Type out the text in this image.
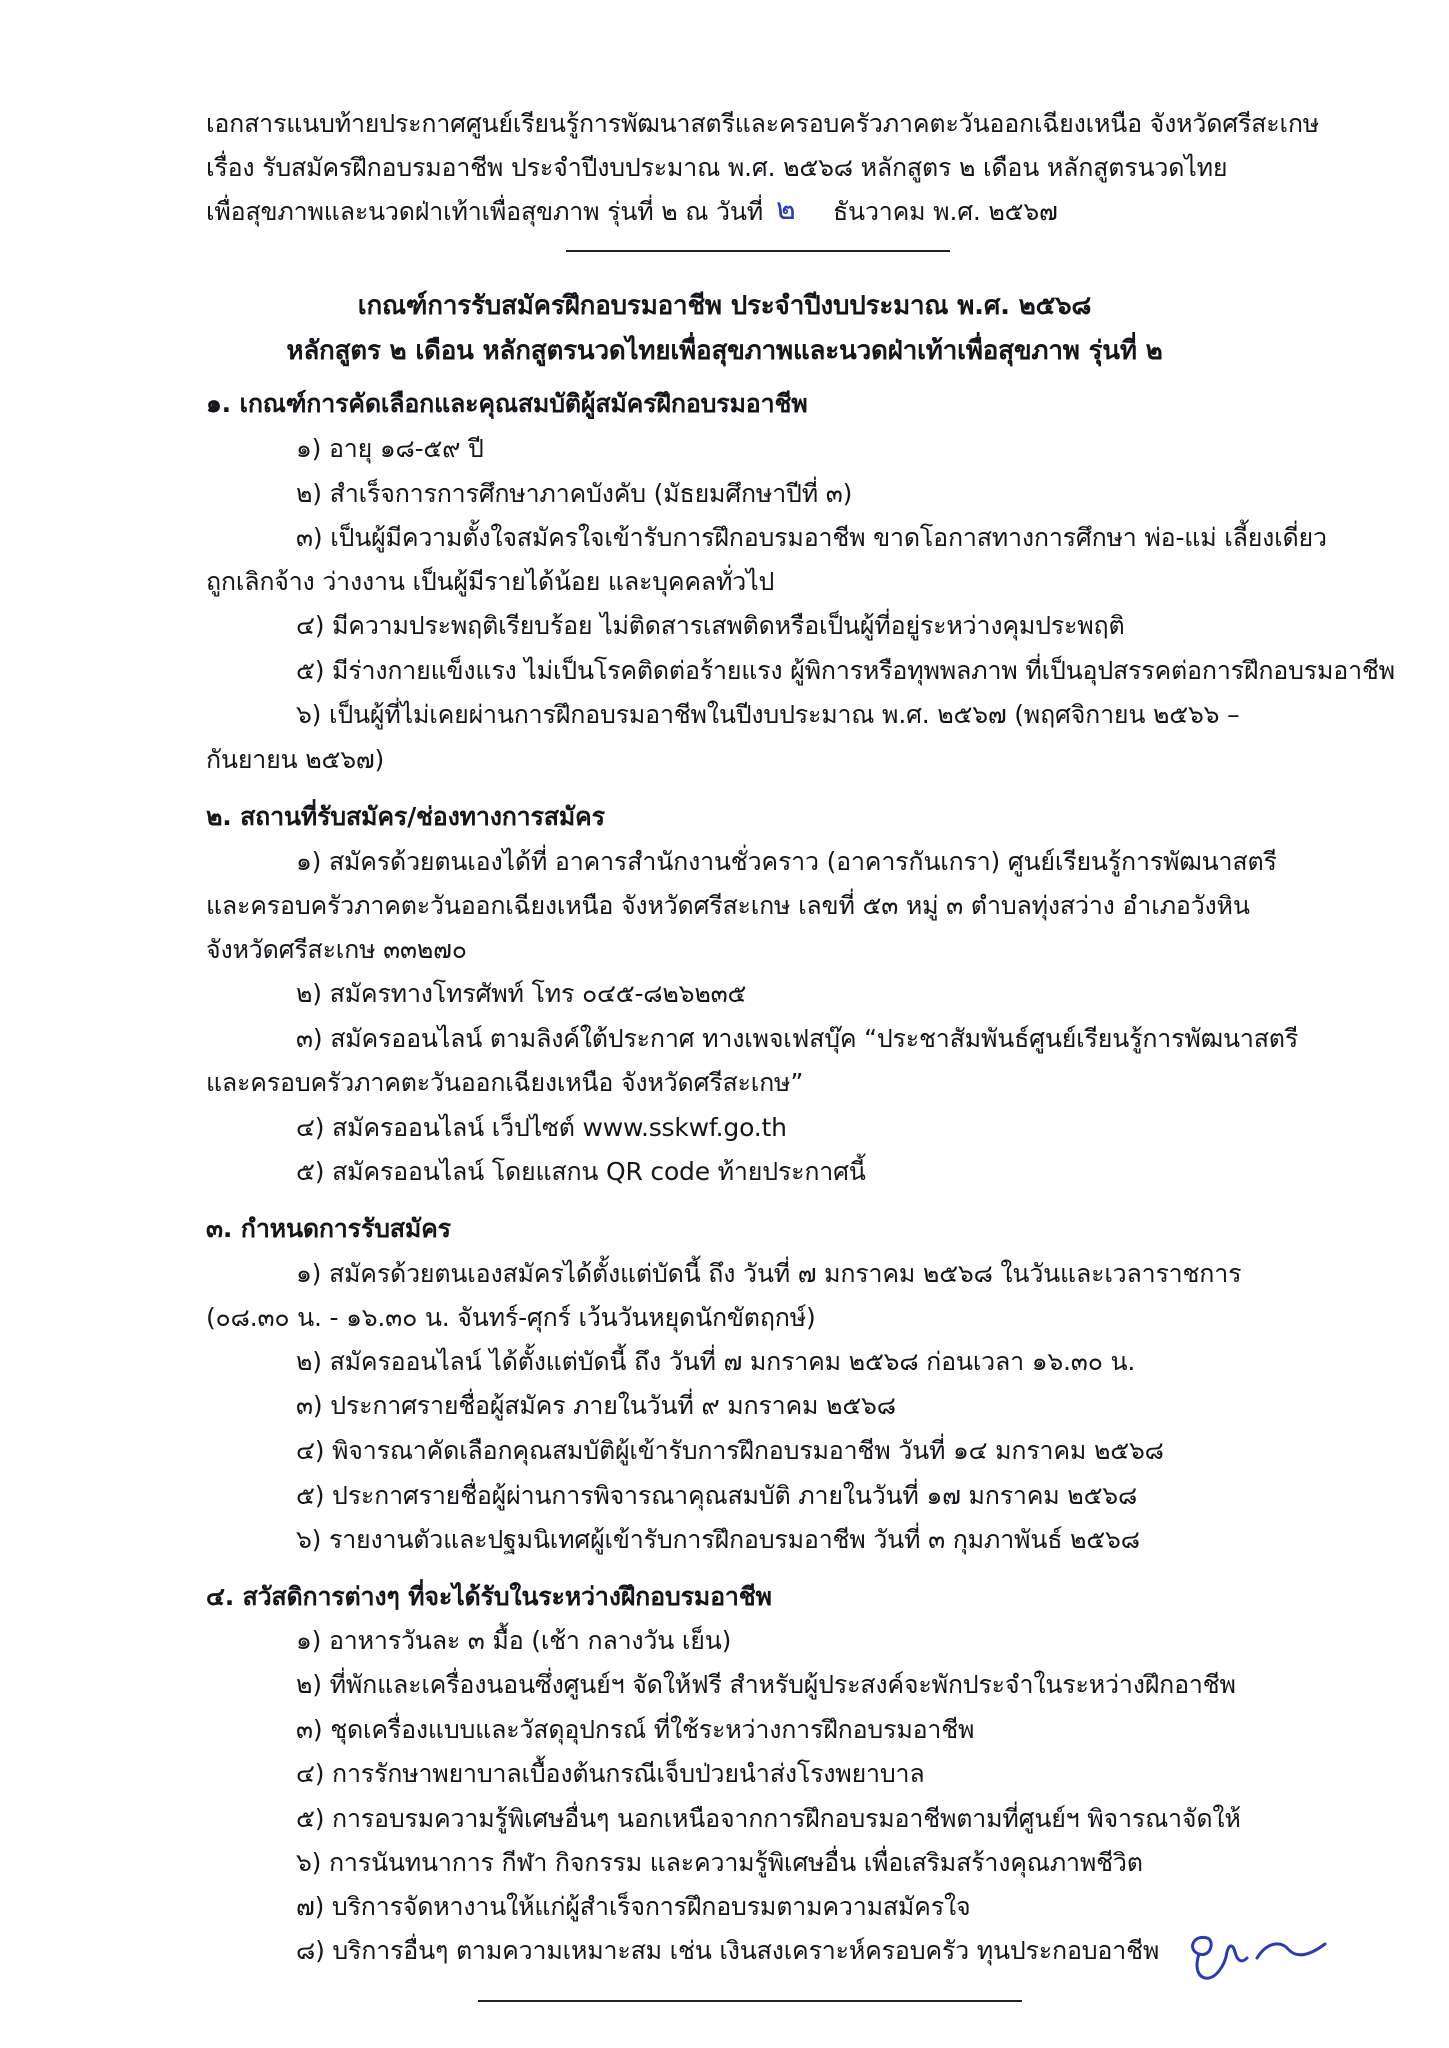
เอกสารแนบท้ายประกาศศูนย์เรียนรู้การพัฒนาสตรีและครอบครัวภาคตะวันออกเฉียงเหนือ จังหวัดศรีสะเกษ

เรื่อง รับสมัครฝึกอบรมอาชีพ ประจำปีงบประมาณ พ.ศ. ๒๕๖๘ หลักสูตร ๒ เดือน หลักสูตรนวดไทย

เพื่อสุขภาพและนวดฝ่าเท้าเพื่อสุขภาพ รุ่นที่ ๒ ณ วันที่ ๒ ธันวาคม พ.ศ. ๒๕๖๗

เกณฑ์การรับสมัครฝึกอบรมอาชีพ ประจำปีงบประมาณ พ.ศ. ๒๕๖๘

หลักสูตร ๒ เดือน หลักสูตรนวดไทยเพื่อสุขภาพและนวดฝ่าเท้าเพื่อสุขภาพ รุ่นที่ ๒

๑. เกณฑ์การคัดเลือกและคุณสมบัติผู้สมัครฝึกอบรมอาชีพ

๑) อายุ ๑๘-๕๙ ปี

๒) สำเร็จการการศึกษาภาคบังคับ (มัธยมศึกษาปีที่ ๓)

๓) เป็นผู้มีความตั้งใจสมัครใจเข้ารับการฝึกอบรมอาชีพ ขาดโอกาสทางการศึกษา พ่อ-แม่ เลี้ยงเดี่ยว

ถูกเลิกจ้าง ว่างงาน เป็นผู้มีรายได้น้อย และบุคคลทั่วไป

๔) มีความประพฤติเรียบร้อย ไม่ติดสารเสพติดหรือเป็นผู้ที่อยู่ระหว่างคุมประพฤติ

๕) มีร่างกายแข็งแรง ไม่เป็นโรคติดต่อร้ายแรง ผู้พิการหรือทุพพลภาพ ที่เป็นอุปสรรคต่อการฝึกอบรมอาชีพ

๖) เป็นผู้ที่ไม่เคยผ่านการฝึกอบรมอาชีพในปีงบประมาณ พ.ศ. ๒๕๖๗ (พฤศจิกายน ๒๕๖๖ –

กันยายน ๒๕๖๗)

๒. สถานที่รับสมัคร/ช่องทางการสมัคร

๑) สมัครด้วยตนเองได้ที่ อาคารสำนักงานชั่วคราว (อาคารกันเกรา) ศูนย์เรียนรู้การพัฒนาสตรี

และครอบครัวภาคตะวันออกเฉียงเหนือ จังหวัดศรีสะเกษ เลขที่ ๕๓ หมู่ ๓ ตำบลทุ่งสว่าง อำเภอวังหิน

จังหวัดศรีสะเกษ ๓๓๒๗๐

๒) สมัครทางโทรศัพท์ โทร ๐๔๕-๘๒๖๒๓๕

๓) สมัครออนไลน์ ตามลิงค์ใต้ประกาศ ทางเพจเฟสบุ๊ค “ประชาสัมพันธ์ศูนย์เรียนรู้การพัฒนาสตรี

และครอบครัวภาคตะวันออกเฉียงเหนือ จังหวัดศรีสะเกษ”

๔) สมัครออนไลน์ เว็ปไซต์ www.sskwf.go.th

๕) สมัครออนไลน์ โดยแสกน QR code ท้ายประกาศนี้

๓. กำหนดการรับสมัคร

๑) สมัครด้วยตนเองสมัครได้ตั้งแต่บัดนี้ ถึง วันที่ ๗ มกราคม ๒๕๖๘ ในวันและเวลาราชการ

(๐๘.๓๐ น. - ๑๖.๓๐ น. จันทร์-ศุกร์ เว้นวันหยุดนักขัตฤกษ์)

๒) สมัครออนไลน์ ได้ตั้งแต่บัดนี้ ถึง วันที่ ๗ มกราคม ๒๕๖๘ ก่อนเวลา ๑๖.๓๐ น.

๓) ประกาศรายชื่อผู้สมัคร ภายในวันที่ ๙ มกราคม ๒๕๖๘

๔) พิจารณาคัดเลือกคุณสมบัติผู้เข้ารับการฝึกอบรมอาชีพ วันที่ ๑๔ มกราคม ๒๕๖๘

๕) ประกาศรายชื่อผู้ผ่านการพิจารณาคุณสมบัติ ภายในวันที่ ๑๗ มกราคม ๒๕๖๘

๖) รายงานตัวและปฐมนิเทศผู้เข้ารับการฝึกอบรมอาชีพ วันที่ ๓ กุมภาพันธ์ ๒๕๖๘

๔. สวัสดิการต่างๆ ที่จะได้รับในระหว่างฝึกอบรมอาชีพ

๑) อาหารวันละ ๓ มื้อ (เช้า กลางวัน เย็น)

๒) ที่พักและเครื่องนอนซึ่งศูนย์ฯ จัดให้ฟรี สำหรับผู้ประสงค์จะพักประจำในระหว่างฝึกอาชีพ

๓) ชุดเครื่องแบบและวัสดุอุปกรณ์ ที่ใช้ระหว่างการฝึกอบรมอาชีพ

๔) การรักษาพยาบาลเบื้องต้นกรณีเจ็บป่วยนำส่งโรงพยาบาล

๕) การอบรมความรู้พิเศษอื่นๆ นอกเหนือจากการฝึกอบรมอาชีพตามที่ศูนย์ฯ พิจารณาจัดให้

๖) การนันทนาการ กีฬา กิจกรรม และความรู้พิเศษอื่น เพื่อเสริมสร้างคุณภาพชีวิต

๗) บริการจัดหางานให้แก่ผู้สำเร็จการฝึกอบรมตามความสมัครใจ

๘) บริการอื่นๆ ตามความเหมาะสม เช่น เงินสงเคราะห์ครอบครัว ทุนประกอบอาชีพ
